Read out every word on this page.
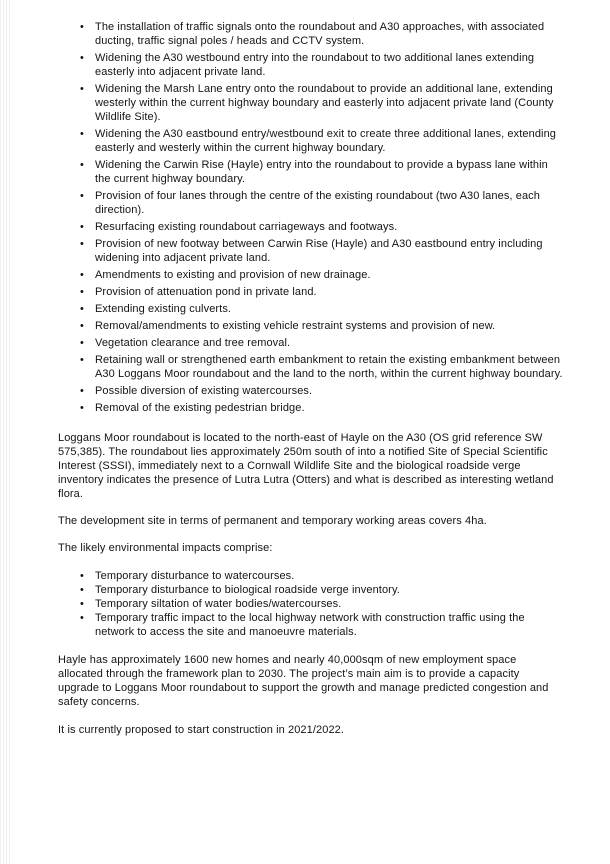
•	The installation of traffic signals onto the roundabout and A30 approaches, with associated ducting, traffic signal poles / heads and CCTV system.
•	Widening the A30 westbound entry into the roundabout to two additional lanes extending easterly into adjacent private land.
•	Widening the Marsh Lane entry onto the roundabout to provide an additional lane, extending westerly within the current highway boundary and easterly into adjacent private land (County Wildlife Site).
•	Widening the A30 eastbound entry/westbound exit to create three additional lanes, extending easterly and westerly within the current highway boundary.
•	Widening the Carwin Rise (Hayle) entry into the roundabout to provide a bypass lane within the current highway boundary.
•	Provision of four lanes through the centre of the existing roundabout (two A30 lanes, each direction).
•	Resurfacing existing roundabout carriageways and footways.
•	Provision of new footway between Carwin Rise (Hayle) and A30 eastbound entry including widening into adjacent private land.
•	Amendments to existing and provision of new drainage.
•	Provision of attenuation pond in private land.
•	Extending existing culverts.
•	Removal/amendments to existing vehicle restraint systems and provision of new.
•	Vegetation clearance and tree removal.
•	Retaining wall or strengthened earth embankment to retain the existing embankment between A30 Loggans Moor roundabout and the land to the north, within the current highway boundary.
•	Possible diversion of existing watercourses.
•	Removal of the existing pedestrian bridge.

Loggans Moor roundabout is located to the north-east of Hayle on the A30 (OS grid reference SW 575,385). The roundabout lies approximately 250m south of into a notified Site of Special Scientific Interest (SSSI), immediately next to a Cornwall Wildlife Site and the biological roadside verge inventory indicates the presence of Lutra Lutra (Otters) and what is described as interesting wetland flora.

The development site in terms of permanent and temporary working areas covers 4ha.

The likely environmental impacts comprise:

•	Temporary disturbance to watercourses.
•	Temporary disturbance to biological roadside verge inventory.
•	Temporary siltation of water bodies/watercourses.
•	Temporary traffic impact to the local highway network with construction traffic using the network to access the site and manoeuvre materials.

Hayle has approximately 1600 new homes and nearly 40,000sqm of new employment space allocated through the framework plan to 2030. The project’s main aim is to provide a capacity upgrade to Loggans Moor roundabout to support the growth and manage predicted congestion and safety concerns.

It is currently proposed to start construction in 2021/2022.
